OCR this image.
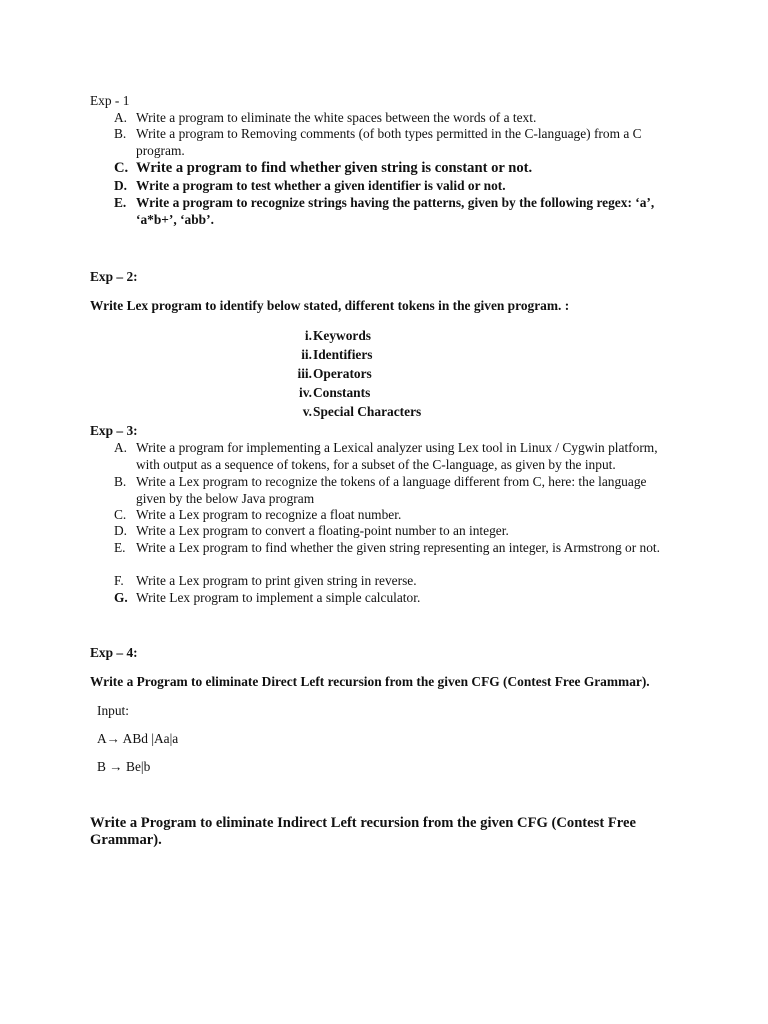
Exp - 1
A. Write a program to eliminate the white spaces between the words of a text.
B. Write a program to Removing comments (of both types permitted in the C-language) from a C program.
C. Write a program to find whether given string is constant or not.
D. Write a program to test whether a given identifier is valid or not.
E. Write a program to recognize strings having the patterns, given by the following regex: ‘a’, ‘a*b+’, ‘abb’.
Exp – 2:
Write Lex program to identify below stated, different tokens in the given program. :
i. Keywords
ii. Identifiers
iii. Operators
iv. Constants
v. Special Characters
Exp – 3:
A. Write a program for implementing a Lexical analyzer using Lex tool in Linux / Cygwin platform, with output as a sequence of tokens, for a subset of the C-language, as given by the input.
B. Write a Lex program to recognize the tokens of a language different from C, here: the language given by the below Java program
C. Write a Lex program to recognize a float number.
D. Write a Lex program to convert a floating-point number to an integer.
E. Write a Lex program to find whether the given string representing an integer, is Armstrong or not.
F. Write a Lex program to print given string in reverse.
G. Write Lex program to implement a simple calculator.
Exp – 4:
Write a Program to eliminate Direct Left recursion from the given CFG (Contest Free Grammar).
Input:
A→ ABd |Aa|a
B → Be|b
Write a Program to eliminate Indirect Left recursion from the given CFG (Contest Free Grammar).
